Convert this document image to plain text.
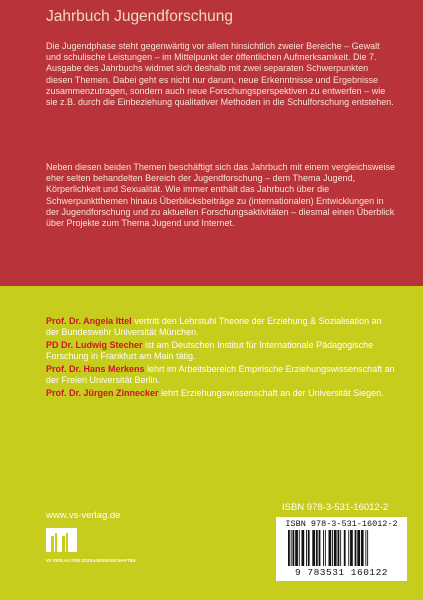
Jahrbuch Jugendforschung

Die Jugendphase steht gegenwärtig vor allem hinsichtlich zweier Bereiche – Gewalt und schulische Leistungen – im Mittelpunkt der öffentlichen Aufmerksamkeit. Die 7. Ausgabe des Jahrbuchs widmet sich deshalb mit zwei separaten Schwerpunkten diesen Themen. Dabei geht es nicht nur darum, neue Erkenntnisse und Ergebnisse zusammenzutragen, sondern auch neue Forschungsperspektiven zu entwerfen – wie sie z.B. durch die Einbeziehung qualitativer Methoden in die Schulforschung entstehen.

Neben diesen beiden Themen beschäftigt sich das Jahrbuch mit einem vergleichsweise eher selten behandelten Bereich der Jugendforschung – dem Thema Jugend, Körperlichkeit und Sexualität. Wie immer enthält das Jahrbuch über die Schwerpunktthemen hinaus Überblicksbeiträge zu (internationalen) Entwicklungen in der Jugendforschung und zu aktuellen Forschungsaktivitäten – diesmal einen Überblick über Projekte zum Thema Jugend und Internet.

Prof. Dr. Angela Ittel vertritt den Lehrstuhl Theorie der Erziehung & Sozialisation an der Bundeswehr Universität München.

PD Dr. Ludwig Stecher ist am Deutschen Institut für Internationale Pädagogische Forschung in Frankfurt am Main tätig.

Prof. Dr. Hans Merkens lehrt im Arbeitsbereich Empirische Erziehungswissenschaft an der Freien Universität Berlin.

Prof. Dr. Jürgen Zinnecker lehrt Erziehungswissenschaft an der Universität Siegen.

www.vs-verlag.de
VS VERLAG FÜR SOZIALWISSENSCHAFTEN
ISBN 978-3-531-16012-2
ISBN 978-3-531-16012-2
9 783531 160122
